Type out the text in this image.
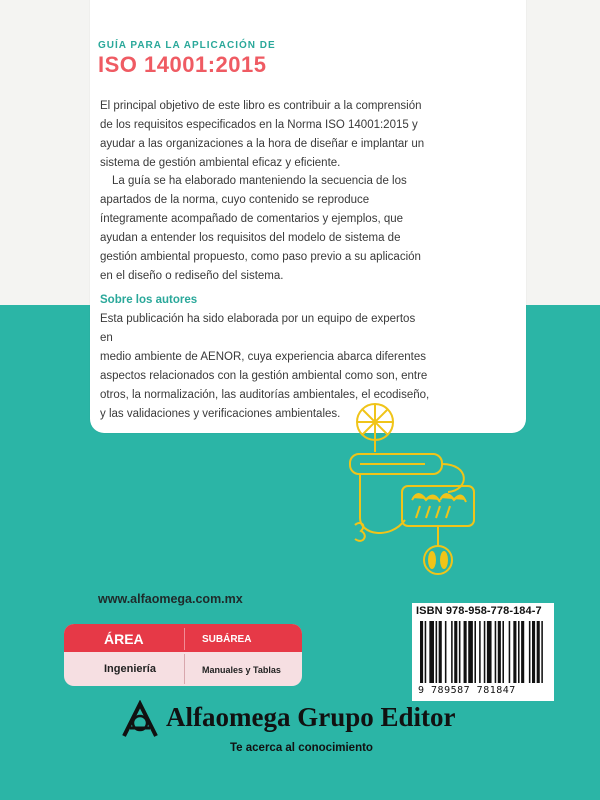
GUÍA PARA LA APLICACIÓN DE
ISO 14001:2015
El principal objetivo de este libro es contribuir a la comprensión
de los requisitos especificados en la Norma ISO 14001:2015 y
ayudar a las organizaciones a la hora de diseñar e implantar un
sistema de gestión ambiental eficaz y eficiente.
La guía se ha elaborado manteniendo la secuencia de los
apartados de la norma, cuyo contenido se reproduce
íntegramente acompañado de comentarios y ejemplos, que
ayudan a entender los requisitos del modelo de sistema de
gestión ambiental propuesto, como paso previo a su aplicación
en el diseño o rediseño del sistema.
Sobre los autores
Esta publicación ha sido elaborada por un equipo de expertos en
medio ambiente de AENOR, cuya experiencia abarca diferentes
aspectos relacionados con la gestión ambiental como son, entre
otros, la normalización, las auditorías ambientales, el ecodiseño,
y las validaciones y verificaciones ambientales.
www.alfaomega.com.mx
ÁREA	SUBÁREA
Ingeniería	Manuales y Tablas
ISBN 978-958-778-184-7
9 789587 781847
Alfaomega Grupo Editor
Te acerca al conocimiento
